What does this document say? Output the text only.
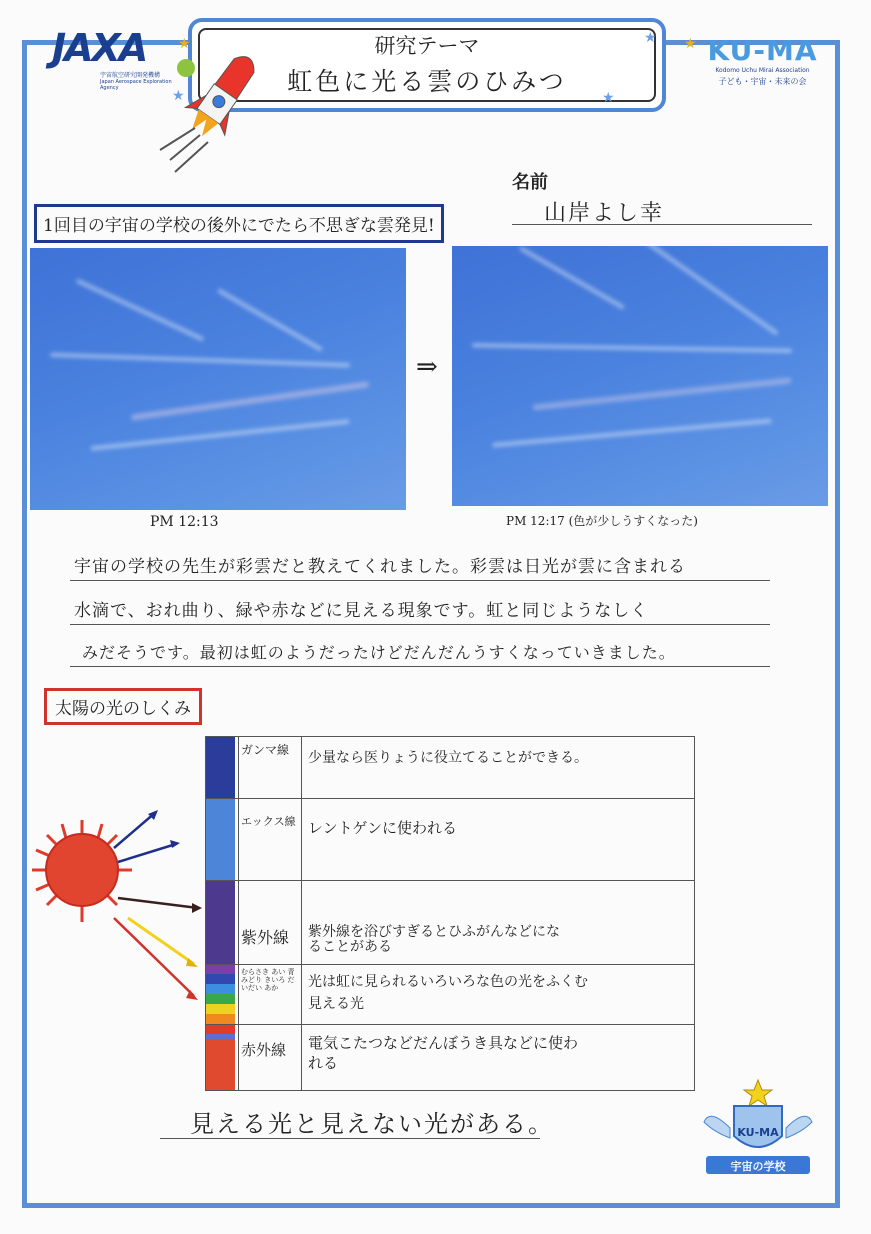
JAXA
宇宙航空研究開発機構
Japan Aerospace Exploration Agency
研究テーマ
虹色に光る雲のひみつ
★
★
★
★
★
KU-MA
Kodomo Uchu Mirai Association
子ども・宇宙・未来の会
名前
山岸よし幸
1回目の宇宙の学校の後外にでたら不思ぎな雲発見!
⇒
PM 12:13	PM 12:17 (色が少しうすくなった)
宇宙の学校の先生が彩雲だと教えてくれました。彩雲は日光が雲に含まれる
水滴で、おれ曲り、緑や赤などに見える現象です。虹と同じようなしく
みだそうです。最初は虹のようだったけどだんだんうすくなっていきました。
太陽の光のしくみ
	ガンマ線	少量なら医りょうに役立てることができる。
	エックス線	レントゲンに使われる
	紫外線	紫外線を浴びすぎるとひふがんなどにな
ることがある
	むらさき あい 青 みどり きいろ だいだい あか	光は虹に見られるいろいろな色の光をふくむ
見える光
	赤外線	電気こたつなどだんぼうき具などに使わ
れる
見える光と見えない光がある。	KU-MA
宇宙の学校
